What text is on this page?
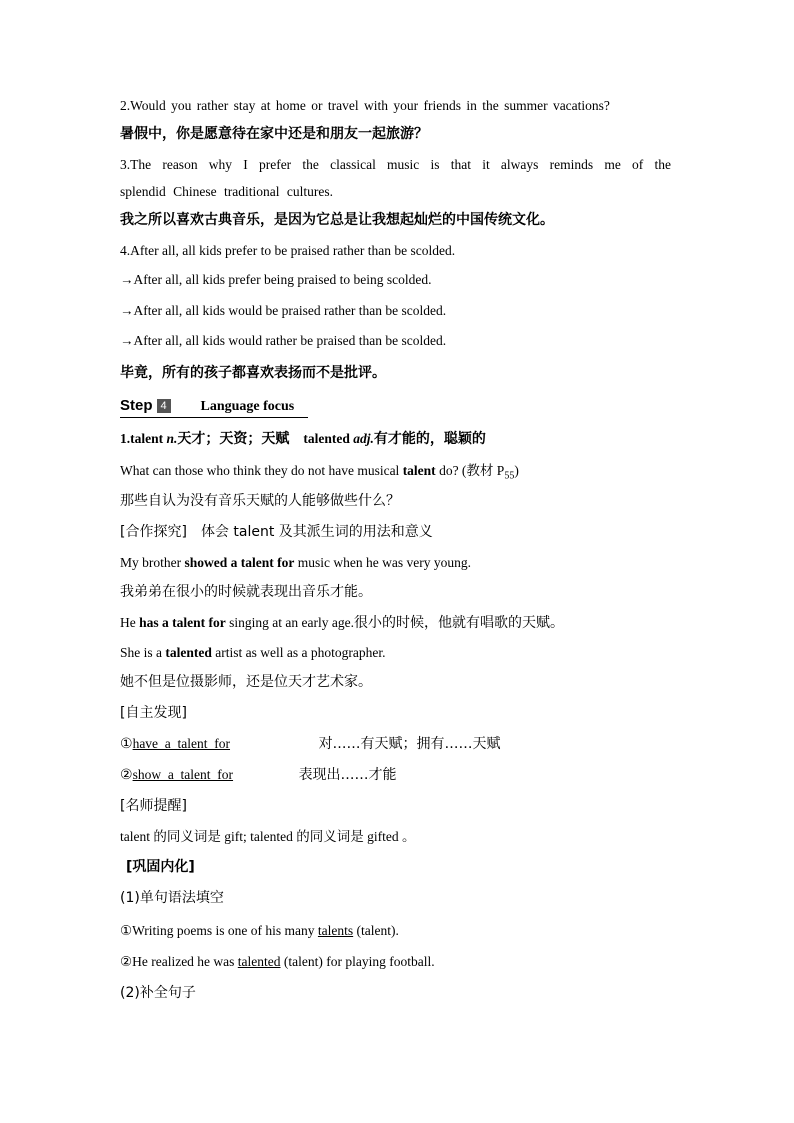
2.Would you rather stay at home or travel with your friends in the summer vacations?
暑假中，你是愿意待在家中还是和朋友一起旅游？
3.The reason why I prefer the classical music is that it always reminds me of the
splendid Chinese traditional cultures.
我之所以喜欢古典音乐，是因为它总是让我想起灿烂的中国传统文化。
4.After all, all kids prefer to be praised rather than be scolded.
→After all, all kids prefer being praised to being scolded.
→After all, all kids would be praised rather than be scolded.
→After all, all kids would rather be praised than be scolded.
毕竟，所有的孩子都喜欢表扬而不是批评。
Step 4 Language focus
1.talent n.天才；天资；天赋 talented adj.有才能的，聪颖的
What can those who think they do not have musical talent do? (教材 $P_{55}$)
那些自认为没有音乐天赋的人能够做些什么？
[合作探究] 体会 talent 及其派生词的用法和意义
My brother showed a talent for music when he was very young.
我弟弟在很小的时候就表现出音乐才能。
He has a talent for singing at an early age.很小的时候，他就有唱歌的天赋。
She is a talented artist as well as a photographer.
她不但是位摄影师，还是位天才艺术家。
[自主发现]
①have  a  talent  for	对……有天赋；拥有……天赋
②show  a  talent  for	表现出……才能
[名师提醒]
talent 的同义词是 gift; talented 的同义词是 gifted 。
[巩固内化]
(1)单句语法填空
①Writing poems is one of his many talents (talent).
②He realized he was talented (talent) for playing football.
(2)补全句子
